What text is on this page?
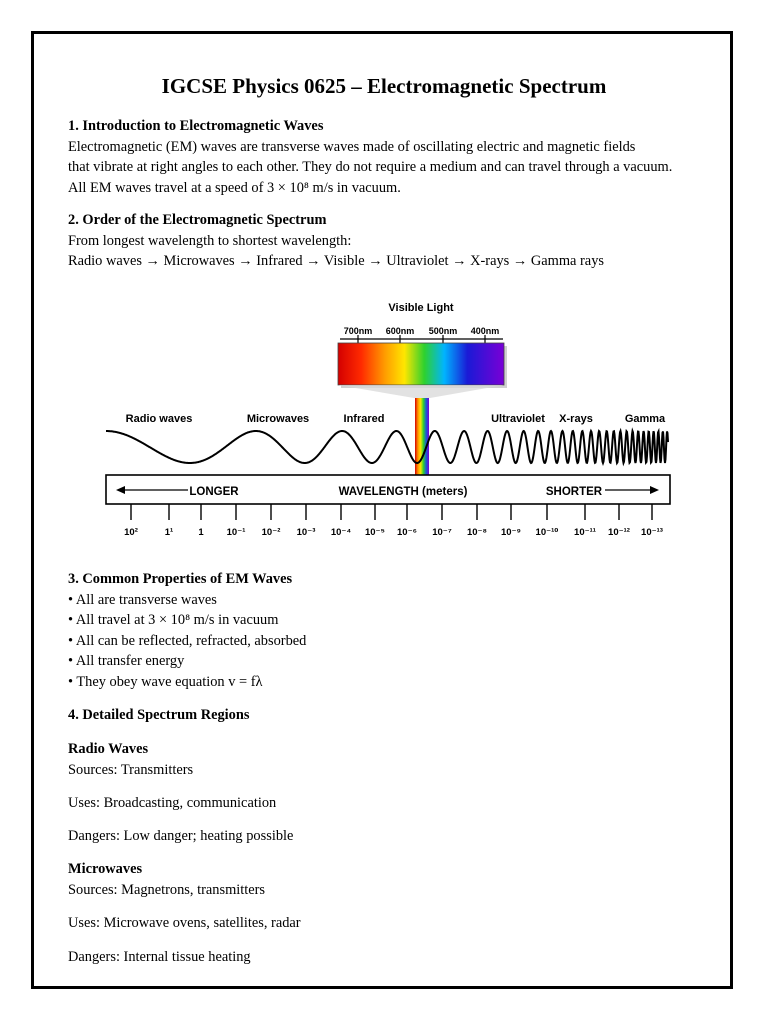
IGCSE Physics 0625 – Electromagnetic Spectrum

1. Introduction to Electromagnetic Waves

Electromagnetic (EM) waves are transverse waves made of oscillating electric and magnetic fields

that vibrate at right angles to each other. They do not require a medium and can travel through a vacuum.

All EM waves travel at a speed of 3 × 10⁸ m/s in vacuum.

2. Order of the Electromagnetic Spectrum

From longest wavelength to shortest wavelength:

Radio waves → Microwaves → Infrared → Visible → Ultraviolet → X-rays → Gamma rays

Visible Light
700nm 600nm 500nm 400nm
Radio waves	Microwaves	Infrared	Ultraviolet X-rays	Gamma
LONGER	WAVELENGTH (meters)	SHORTER
10²	1¹	1 10⁻¹ 10⁻² 10⁻³ 10⁻⁴ 10⁻⁵ 10⁻⁶ 10⁻⁷ 10⁻⁸ 10⁻⁹ 10⁻¹⁰ 10⁻¹¹ 10⁻¹² 10⁻¹³

3. Common Properties of EM Waves

• All are transverse waves

• All travel at 3 × 10⁸ m/s in vacuum

• All can be reflected, refracted, absorbed

• All transfer energy

• They obey wave equation v = fλ

4. Detailed Spectrum Regions

Radio Waves

Sources: Transmitters

Uses: Broadcasting, communication

Dangers: Low danger; heating possible

Microwaves

Sources: Magnetrons, transmitters

Uses: Microwave ovens, satellites, radar

Dangers: Internal tissue heating
